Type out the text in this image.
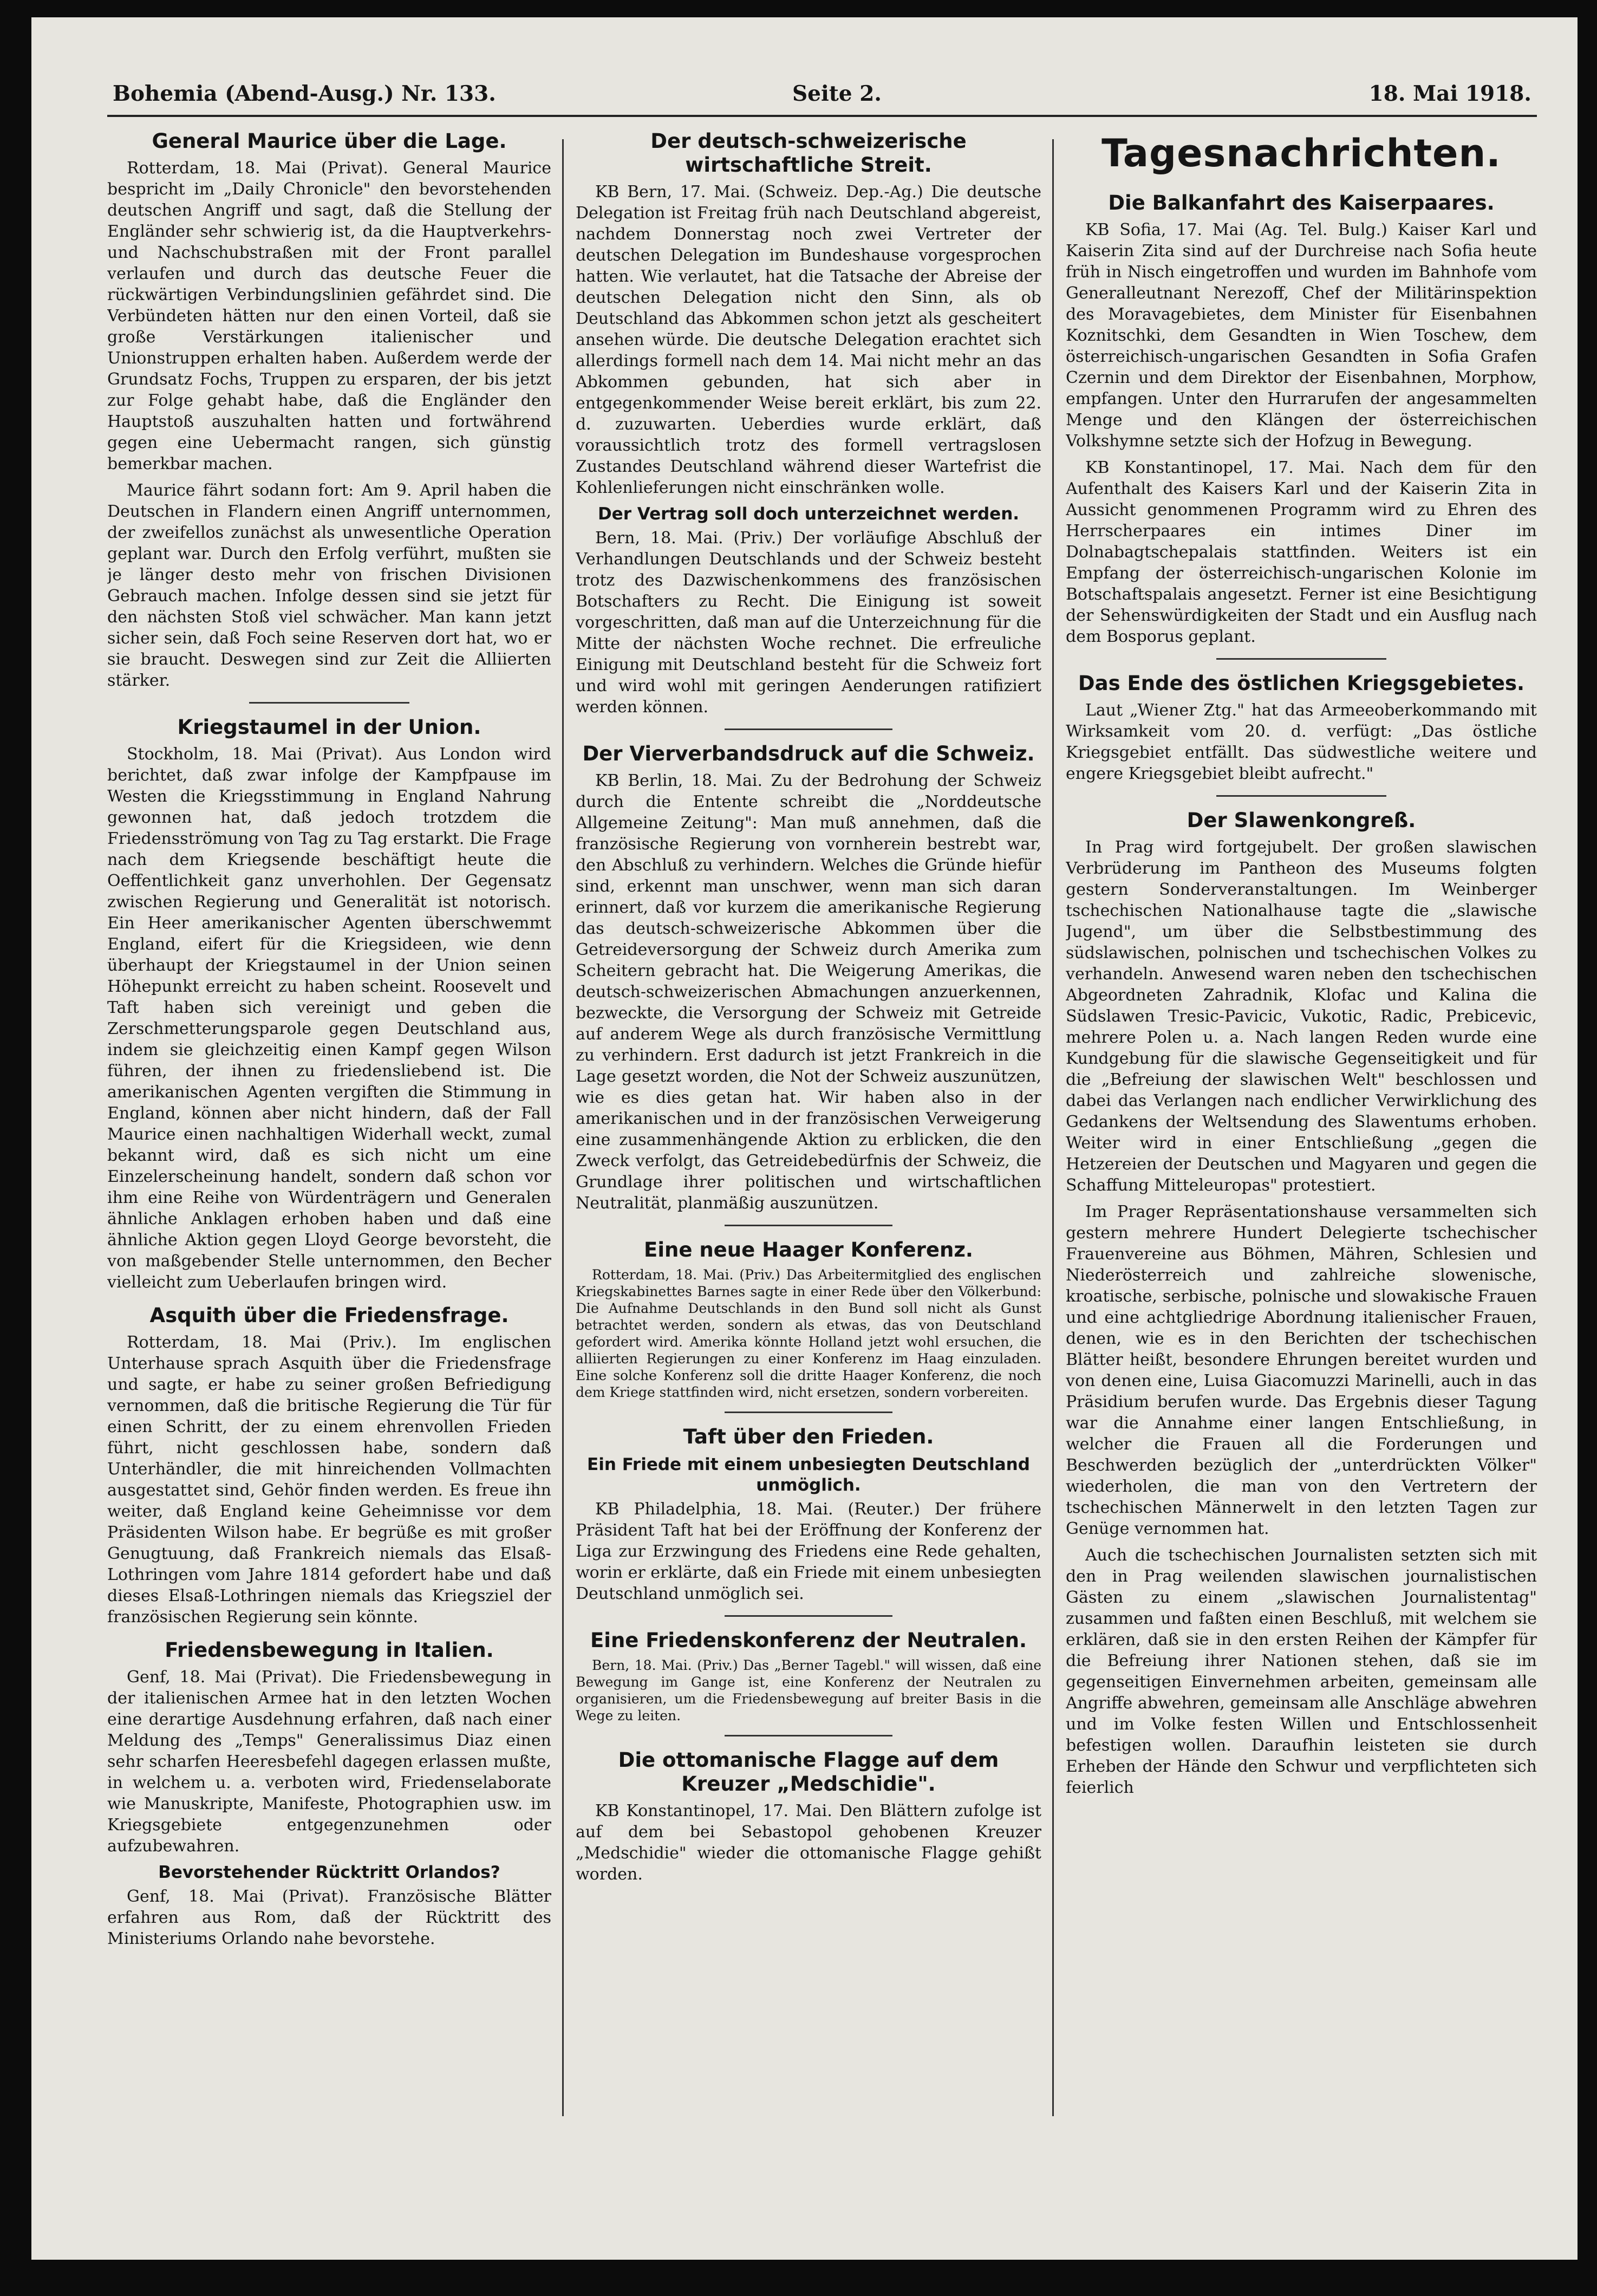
Bohemia (Abend-Ausg.) Nr. 133.	Seite 2.	18. Mai 1918.
General Maurice über die Lage.

Rotterdam, 18. Mai (Privat). General Maurice bespricht im „Daily Chronicle" den bevorstehenden deutschen Angriff und sagt, daß die Stellung der Engländer sehr schwierig ist, da die Hauptverkehrs- und Nachschubstraßen mit der Front parallel verlaufen und durch das deutsche Feuer die rückwärtigen Verbindungslinien gefährdet sind. Die Verbündeten hätten nur den einen Vorteil, daß sie große Verstärkungen italienischer und Unionstruppen erhalten haben. Außerdem werde der Grundsatz Fochs, Truppen zu ersparen, der bis jetzt zur Folge gehabt habe, daß die Engländer den Hauptstoß auszuhalten hatten und fortwährend gegen eine Uebermacht rangen, sich günstig bemerkbar machen.

Maurice fährt sodann fort: Am 9. April haben die Deutschen in Flandern einen Angriff unternommen, der zweifellos zunächst als unwesentliche Operation geplant war. Durch den Erfolg verführt, mußten sie je länger desto mehr von frischen Divisionen Gebrauch machen. Infolge dessen sind sie jetzt für den nächsten Stoß viel schwächer. Man kann jetzt sicher sein, daß Foch seine Reserven dort hat, wo er sie braucht. Deswegen sind zur Zeit die Alliierten stärker.

Kriegstaumel in der Union.

Stockholm, 18. Mai (Privat). Aus London wird berichtet, daß zwar infolge der Kampfpause im Westen die Kriegsstimmung in England Nahrung gewonnen hat, daß jedoch trotzdem die Friedensströmung von Tag zu Tag erstarkt. Die Frage nach dem Kriegsende beschäftigt heute die Oeffentlichkeit ganz unverhohlen. Der Gegensatz zwischen Regierung und Generalität ist notorisch. Ein Heer amerikanischer Agenten überschwemmt England, eifert für die Kriegsideen, wie denn überhaupt der Kriegstaumel in der Union seinen Höhepunkt erreicht zu haben scheint. Roosevelt und Taft haben sich vereinigt und geben die Zerschmetterungsparole gegen Deutschland aus, indem sie gleichzeitig einen Kampf gegen Wilson führen, der ihnen zu friedensliebend ist. Die amerikanischen Agenten vergiften die Stimmung in England, können aber nicht hindern, daß der Fall Maurice einen nachhaltigen Widerhall weckt, zumal bekannt wird, daß es sich nicht um eine Einzelerscheinung handelt, sondern daß schon vor ihm eine Reihe von Würdenträgern und Generalen ähnliche Anklagen erhoben haben und daß eine ähnliche Aktion gegen Lloyd George bevorsteht, die von maßgebender Stelle unternommen, den Becher vielleicht zum Ueberlaufen bringen wird.

Asquith über die Friedensfrage.

Rotterdam, 18. Mai (Priv.). Im englischen Unterhause sprach Asquith über die Friedensfrage und sagte, er habe zu seiner großen Befriedigung vernommen, daß die britische Regierung die Tür für einen Schritt, der zu einem ehrenvollen Frieden führt, nicht geschlossen habe, sondern daß Unterhändler, die mit hinreichenden Vollmachten ausgestattet sind, Gehör finden werden. Es freue ihn weiter, daß England keine Geheimnisse vor dem Präsidenten Wilson habe. Er begrüße es mit großer Genugtuung, daß Frankreich niemals das Elsaß-Lothringen vom Jahre 1814 gefordert habe und daß dieses Elsaß-Lothringen niemals das Kriegsziel der französischen Regierung sein könnte.

Friedensbewegung in Italien.

Genf, 18. Mai (Privat). Die Friedensbewegung in der italienischen Armee hat in den letzten Wochen eine derartige Ausdehnung erfahren, daß nach einer Meldung des „Temps" Generalissimus Diaz einen sehr scharfen Heeresbefehl dagegen erlassen mußte, in welchem u. a. verboten wird, Friedenselaborate wie Manuskripte, Manifeste, Photographien usw. im Kriegsgebiete entgegenzunehmen oder aufzubewahren.

Bevorstehender Rücktritt Orlandos?

Genf, 18. Mai (Privat). Französische Blätter erfahren aus Rom, daß der Rücktritt des Ministeriums Orlando nahe bevorstehe.

Der deutsch-schweizerische wirtschaftliche Streit.

KB Bern, 17. Mai. (Schweiz. Dep.-Ag.) Die deutsche Delegation ist Freitag früh nach Deutschland abgereist, nachdem Donnerstag noch zwei Vertreter der deutschen Delegation im Bundeshause vorgesprochen hatten. Wie verlautet, hat die Tatsache der Abreise der deutschen Delegation nicht den Sinn, als ob Deutschland das Abkommen schon jetzt als gescheitert ansehen würde. Die deutsche Delegation erachtet sich allerdings formell nach dem 14. Mai nicht mehr an das Abkommen gebunden, hat sich aber in entgegenkommender Weise bereit erklärt, bis zum 22. d. zuzuwarten. Ueberdies wurde erklärt, daß voraussichtlich trotz des formell vertragslosen Zustandes Deutschland während dieser Wartefrist die Kohlenlieferungen nicht einschränken wolle.

Der Vertrag soll doch unterzeichnet werden.

Bern, 18. Mai. (Priv.) Der vorläufige Abschluß der Verhandlungen Deutschlands und der Schweiz besteht trotz des Dazwischenkommens des französischen Botschafters zu Recht. Die Einigung ist soweit vorgeschritten, daß man auf die Unterzeichnung für die Mitte der nächsten Woche rechnet. Die erfreuliche Einigung mit Deutschland besteht für die Schweiz fort und wird wohl mit geringen Aenderungen ratifiziert werden können.

Der Vierverbandsdruck auf die Schweiz.

KB Berlin, 18. Mai. Zu der Bedrohung der Schweiz durch die Entente schreibt die „Norddeutsche Allgemeine Zeitung": Man muß annehmen, daß die französische Regierung von vornherein bestrebt war, den Abschluß zu verhindern. Welches die Gründe hiefür sind, erkennt man unschwer, wenn man sich daran erinnert, daß vor kurzem die amerikanische Regierung das deutsch-schweizerische Abkommen über die Getreideversorgung der Schweiz durch Amerika zum Scheitern gebracht hat. Die Weigerung Amerikas, die deutsch-schweizerischen Abmachungen anzuerkennen, bezweckte, die Versorgung der Schweiz mit Getreide auf anderem Wege als durch französische Vermittlung zu verhindern. Erst dadurch ist jetzt Frankreich in die Lage gesetzt worden, die Not der Schweiz auszunützen, wie es dies getan hat. Wir haben also in der amerikanischen und in der französischen Verweigerung eine zusammenhängende Aktion zu erblicken, die den Zweck verfolgt, das Getreidebedürfnis der Schweiz, die Grundlage ihrer politischen und wirtschaftlichen Neutralität, planmäßig auszunützen.

Eine neue Haager Konferenz.

Rotterdam, 18. Mai. (Priv.) Das Arbeitermitglied des englischen Kriegskabinettes Barnes sagte in einer Rede über den Völkerbund: Die Aufnahme Deutschlands in den Bund soll nicht als Gunst betrachtet werden, sondern als etwas, das von Deutschland gefordert wird. Amerika könnte Holland jetzt wohl ersuchen, die alliierten Regierungen zu einer Konferenz im Haag einzuladen. Eine solche Konferenz soll die dritte Haager Konferenz, die noch dem Kriege stattfinden wird, nicht ersetzen, sondern vorbereiten.

Taft über den Frieden.
Ein Friede mit einem unbesiegten Deutschland unmöglich.

KB Philadelphia, 18. Mai. (Reuter.) Der frühere Präsident Taft hat bei der Eröffnung der Konferenz der Liga zur Erzwingung des Friedens eine Rede gehalten, worin er erklärte, daß ein Friede mit einem unbesiegten Deutschland unmöglich sei.

Eine Friedenskonferenz der Neutralen.

Bern, 18. Mai. (Priv.) Das „Berner Tagebl." will wissen, daß eine Bewegung im Gange ist, eine Konferenz der Neutralen zu organisieren, um die Friedensbewegung auf breiter Basis in die Wege zu leiten.

Die ottomanische Flagge auf dem Kreuzer „Medschidie".

KB Konstantinopel, 17. Mai. Den Blättern zufolge ist auf dem bei Sebastopol gehobenen Kreuzer „Medschidie" wieder die ottomanische Flagge gehißt worden.

Tagesnachrichten.
Die Balkanfahrt des Kaiserpaares.

KB Sofia, 17. Mai (Ag. Tel. Bulg.) Kaiser Karl und Kaiserin Zita sind auf der Durchreise nach Sofia heute früh in Nisch eingetroffen und wurden im Bahnhofe vom Generalleutnant Nerezoff, Chef der Militärinspektion des Moravagebietes, dem Minister für Eisenbahnen Koznitschki, dem Gesandten in Wien Toschew, dem österreichisch-ungarischen Gesandten in Sofia Grafen Czernin und dem Direktor der Eisenbahnen, Morphow, empfangen. Unter den Hurrarufen der angesammelten Menge und den Klängen der österreichischen Volkshymne setzte sich der Hofzug in Bewegung.

KB Konstantinopel, 17. Mai. Nach dem für den Aufenthalt des Kaisers Karl und der Kaiserin Zita in Aussicht genommenen Programm wird zu Ehren des Herrscherpaares ein intimes Diner im Dolnabagtschepalais stattfinden. Weiters ist ein Empfang der österreichisch-ungarischen Kolonie im Botschaftspalais angesetzt. Ferner ist eine Besichtigung der Sehenswürdigkeiten der Stadt und ein Ausflug nach dem Bosporus geplant.

Das Ende des östlichen Kriegsgebietes.

Laut „Wiener Ztg." hat das Armeeoberkommando mit Wirksamkeit vom 20. d. verfügt: „Das östliche Kriegsgebiet entfällt. Das südwestliche weitere und engere Kriegsgebiet bleibt aufrecht."

Der Slawenkongreß.

In Prag wird fortgejubelt. Der großen slawischen Verbrüderung im Pantheon des Museums folgten gestern Sonderveranstaltungen. Im Weinberger tschechischen Nationalhause tagte die „slawische Jugend", um über die Selbstbestimmung des südslawischen, polnischen und tschechischen Volkes zu verhandeln. Anwesend waren neben den tschechischen Abgeordneten Zahradnik, Klofac und Kalina die Südslawen Tresic-Pavicic, Vukotic, Radic, Prebicevic, mehrere Polen u. a. Nach langen Reden wurde eine Kundgebung für die slawische Gegenseitigkeit und für die „Befreiung der slawischen Welt" beschlossen und dabei das Verlangen nach endlicher Verwirklichung des Gedankens der Weltsendung des Slawentums erhoben. Weiter wird in einer Entschließung „gegen die Hetzereien der Deutschen und Magyaren und gegen die Schaffung Mitteleuropas" protestiert.

Im Prager Repräsentationshause versammelten sich gestern mehrere Hundert Delegierte tschechischer Frauenvereine aus Böhmen, Mähren, Schlesien und Niederösterreich und zahlreiche slowenische, kroatische, serbische, polnische und slowakische Frauen und eine achtgliedrige Abordnung italienischer Frauen, denen, wie es in den Berichten der tschechischen Blätter heißt, besondere Ehrungen bereitet wurden und von denen eine, Luisa Giacomuzzi Marinelli, auch in das Präsidium berufen wurde. Das Ergebnis dieser Tagung war die Annahme einer langen Entschließung, in welcher die Frauen all die Forderungen und Beschwerden bezüglich der „unterdrückten Völker" wiederholen, die man von den Vertretern der tschechischen Männerwelt in den letzten Tagen zur Genüge vernommen hat.

Auch die tschechischen Journalisten setzten sich mit den in Prag weilenden slawischen journalistischen Gästen zu einem „slawischen Journalistentag" zusammen und faßten einen Beschluß, mit welchem sie erklären, daß sie in den ersten Reihen der Kämpfer für die Befreiung ihrer Nationen stehen, daß sie im gegenseitigen Einvernehmen arbeiten, gemeinsam alle Angriffe abwehren, gemeinsam alle Anschläge abwehren und im Volke festen Willen und Entschlossenheit befestigen wollen. Daraufhin leisteten sie durch Erheben der Hände den Schwur und verpflichteten sich feierlich
